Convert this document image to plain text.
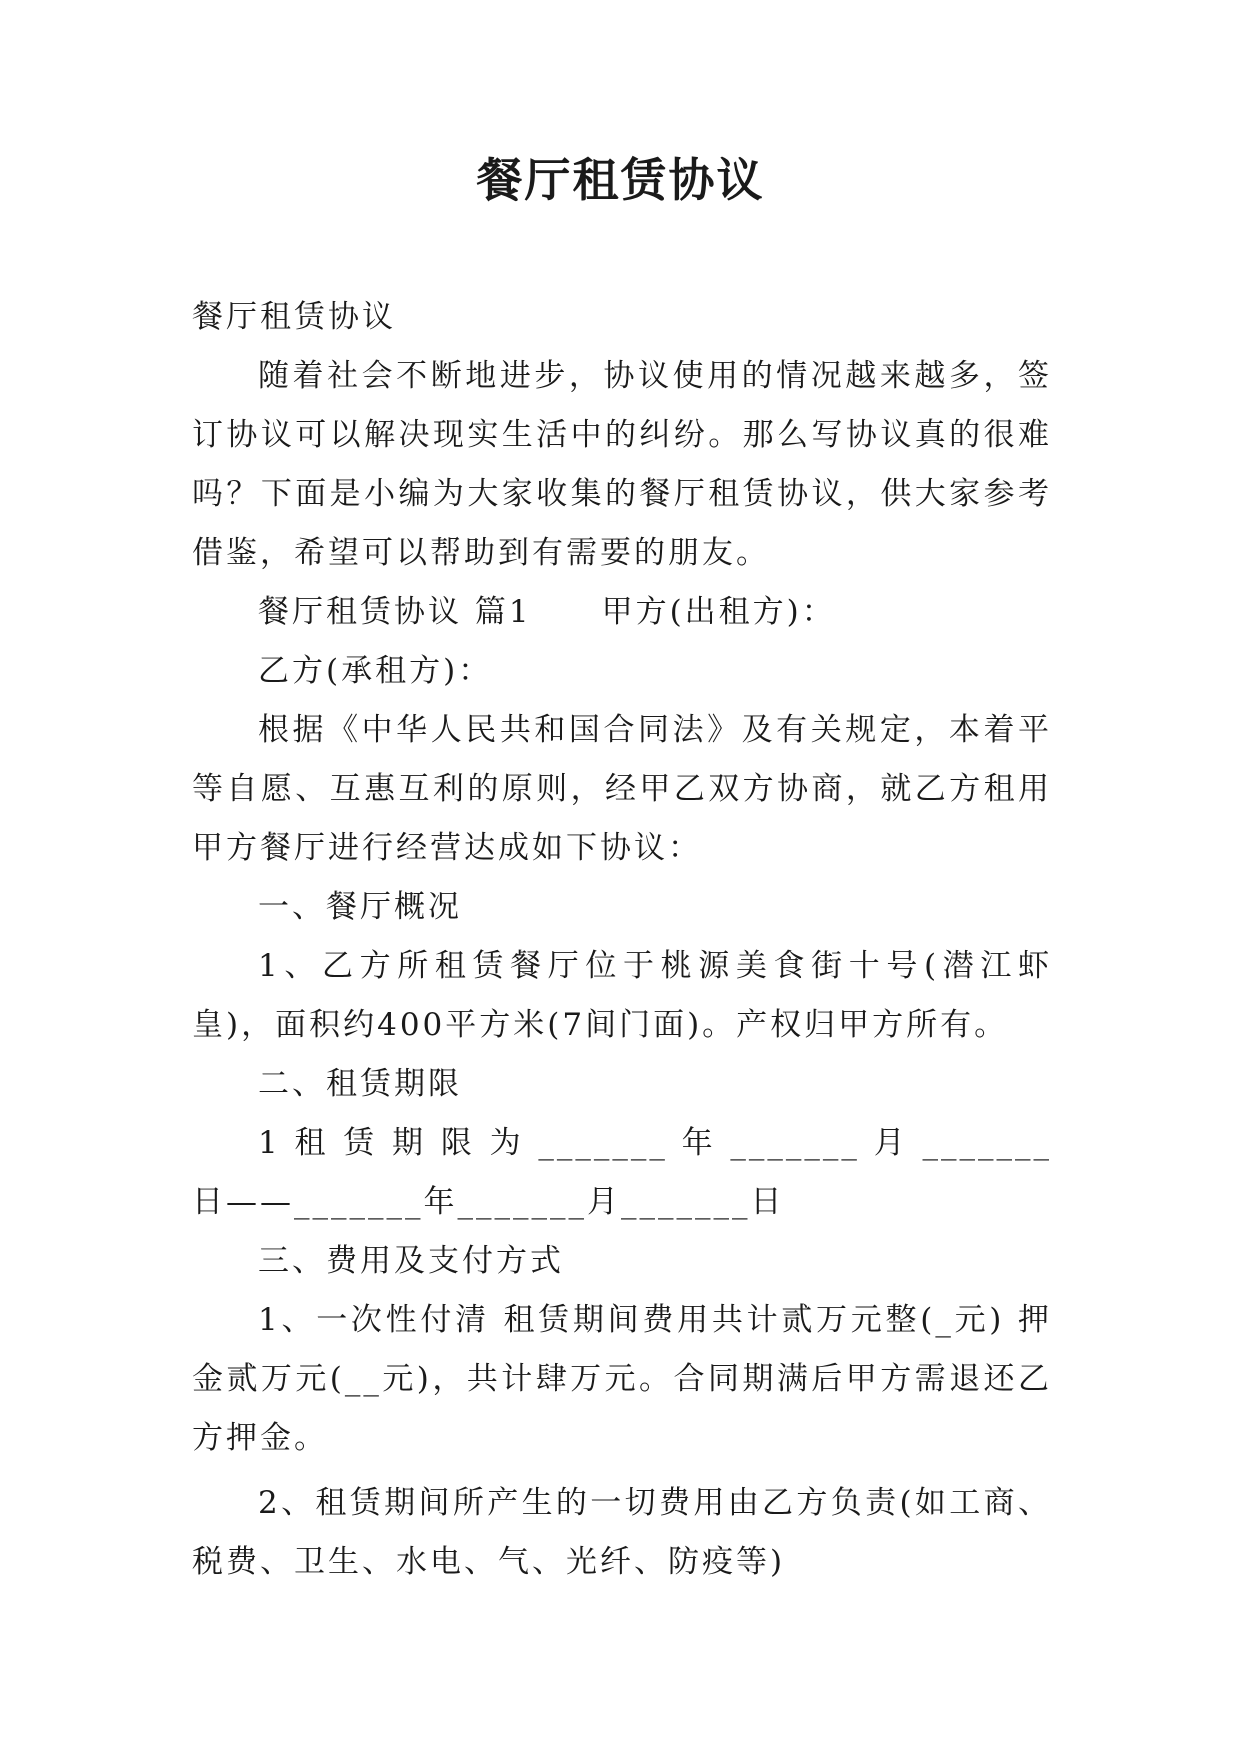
餐厅租赁协议

餐厅租赁协议

随着社会不断地进步，协议使用的情况越来越多，签订协议可以解决现实生活中的纠纷。那么写协议真的很难吗？下面是小编为大家收集的餐厅租赁协议，供大家参考借鉴，希望可以帮助到有需要的朋友。

餐厅租赁协议 篇1 甲方(出租方)：

乙方(承租方)：

根据《中华人民共和国合同法》及有关规定，本着平等自愿、互惠互利的原则，经甲乙双方协商，就乙方租用甲方餐厅进行经营达成如下协议：

一、餐厅概况

1、乙方所租赁餐厅位于桃源美食街十号(潜江虾皇)，面积约400平方米(7间门面)。产权归甲方所有。

二、租赁期限

1 租 赁 期 限 为 _______ 年 _______ 月 _______ 日——_______年_______月_______日

三、费用及支付方式

1、一次性付清 租赁期间费用共计贰万元整(_元) 押金贰万元(__元)，共计肆万元。合同期满后甲方需退还乙方押金。

2、租赁期间所产生的一切费用由乙方负责(如工商、税费、卫生、水电、气、光纤、防疫等)
